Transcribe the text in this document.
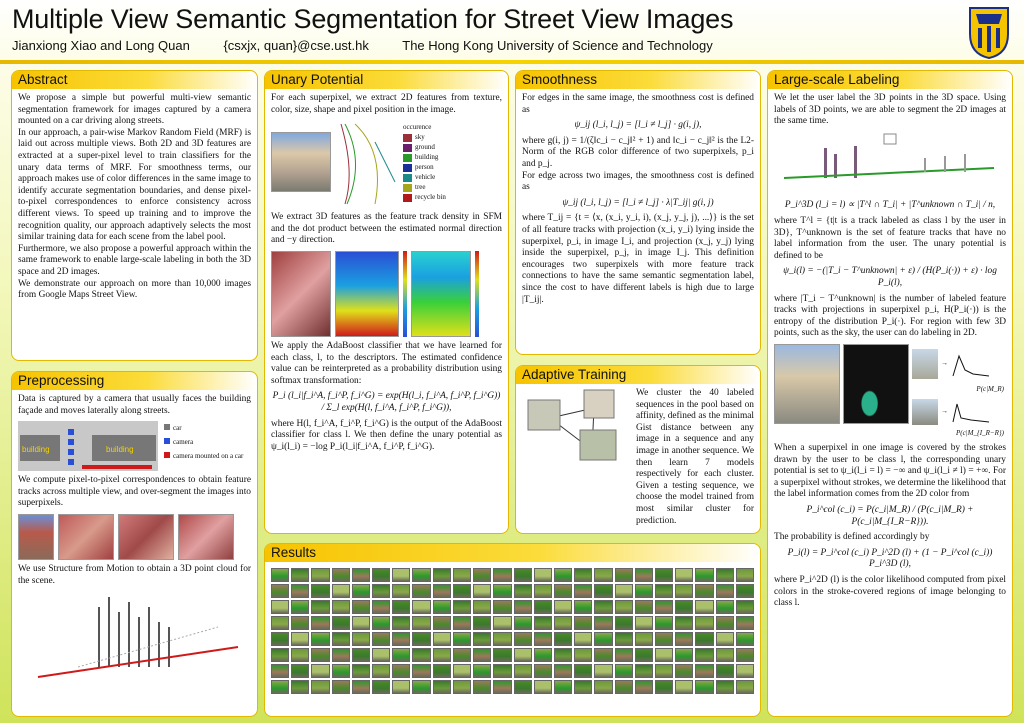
Multiple View Semantic Segmentation for Street View Images
Jianxiong Xiao and Long Quan	{csxjx, quan}@cse.ust.hk	The Hong Kong University of Science and Technology
Abstract

We propose a simple but powerful multi-view semantic segmentation framework for images captured by a camera mounted on a car driving along streets.

In our approach, a pair-wise Markov Random Field (MRF) is laid out across multiple views. Both 2D and 3D features are extracted at a super-pixel level to train classifiers for the unary data terms of MRF. For smoothness terms, our approach makes use of color differences in the same image to identify accurate segmentation boundaries, and dense pixel-to-pixel correspondences to enforce consistency across different views. To speed up training and to improve the recognition quality, our approach adaptively selects the most similar training data for each scene from the label pool.

Furthermore, we also propose a powerful approach within the same framework to enable large-scale labeling in both the 3D space and 2D images.

We demonstrate our approach on more than 10,000 images from Google Maps Street View.

Preprocessing

Data is captured by a camera that usually faces the building façade and moves laterally along streets.

building	building
car
camera
camera mounted on a car

We compute pixel-to-pixel correspondences to obtain feature tracks across multiple view, and over-segment the images into superpixels.

We use Structure from Motion to obtain a 3D point cloud for the scene.

Unary Potential

For each superpixel, we extract 2D features from texture, color, size, shape and pixel position in the image.

occurence
sky
ground
building
person
vehicle
tree
recycle bin

We extract 3D features as the feature track density in SFM and the dot product between the estimated normal direction and −y direction.

We apply the AdaBoost classifier that we have learned for each class, l, to the descriptors. The estimated confidence value can be reinterpreted as a probability distribution using softmax transformation:

P_i (l_i|f_i^A, f_i^P, f_i^G) = exp(H(l_i, f_i^A, f_i^P, f_i^G)) / Σ_l exp(H(l, f_i^A, f_i^P, f_i^G)),

where H(l, f_i^A, f_i^P, f_i^G) is the output of the AdaBoost classifier for class l. We then define the unary potential as ψ_i(l_i) = −log P_i(l_i|f_i^A, f_i^P, f_i^G).

Smoothness

For edges in the same image, the smoothness cost is defined as

ψ_ij (l_i, l_j) = [l_i ≠ l_j] · g(i, j),

where g(i, j) = 1/(ζ‖c_i − c_j‖² + 1) and ‖c_i − c_j‖² is the L2-Norm of the RGB color difference of two superpixels, p_i and p_j.

For edge across two images, the smoothness cost is defined as

ψ_ij (l_i, l_j) = [l_i ≠ l_j] · λ|T_ij| g(i, j)

where T_ij = {t = ⟨x, (x_i, y_i, i), (x_j, y_j, j), ...⟩} is the set of all feature tracks with projection (x_i, y_i) lying inside the superpixel, p_i, in image I_i, and projection (x_j, y_j) lying inside the superpixel, p_j, in image I_j. This definition encourages two superpixels with more feature track connections to have the same semantic segmentation label, since the cost to have different labels is high due to large |T_ij|.

Adaptive Training

We cluster the 40 labeled sequences in the pool based on affinity, defined as the minimal Gist distance between any image in a sequence and any image in another sequence. We then learn 7 models respectively for each cluster. Given a testing sequence, we choose the model trained from most similar cluster for prediction.

Results
Large-scale Labeling

We let the user label the 3D points in the 3D space. Using labels of 3D points, we are able to segment the 2D images at the same time.

P_i^3D (l_i = l) ∝ |T^l ∩ T_i| + |T^unknown ∩ T_i| / n,

where T^l = {t|t is a track labeled as class l by the user in 3D}, T^unknown is the set of feature tracks that have no label information from the user. The unary potential is defined to be

ψ_i(l) = −(|T_i − T^unknown| + ε) / (H(P_i(·)) + ε) · log P_i(l),

where |T_i − T^unknown| is the number of labeled feature tracks with projections in superpixel p_i, H(P_i(·)) is the entropy of the distribution P_i(·). For region with few 3D points, such as the sky, the user can do labeling in 2D.

→
P(c|M_R)
→
P(c|M_{I_R−R})

When a superpixel in one image is covered by the strokes drawn by the user to be class l, the corresponding unary potential is set to ψ_i(l_i = l) = −∞ and ψ_i(l_i ≠ l) = +∞. For a superpixel without strokes, we determine the likelihood that the label information comes from the 2D color from

P_i^col (c_i) = P(c_i|M_R) / (P(c_i|M_R) + P(c_i|M_{I_R−R})).

The probability is defined accordingly by

P_i(l) = P_i^col (c_i) P_i^2D (l) + (1 − P_i^col (c_i)) P_i^3D (l),

where P_i^2D (l) is the color likelihood computed from pixel colors in the stroke-covered regions of image belonging to class l.
